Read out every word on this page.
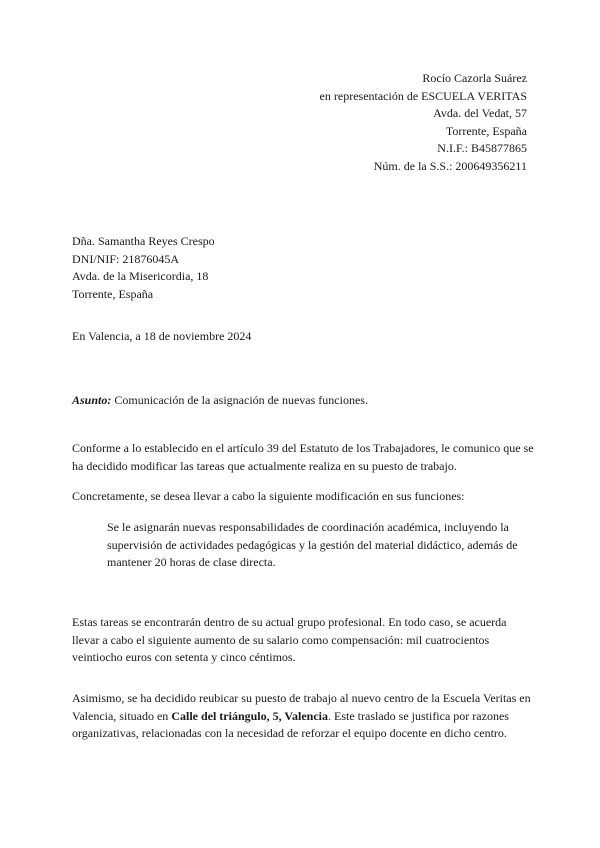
Rocío Cazorla Suárez
en representación de ESCUELA VERITAS
Avda. del Vedat, 57
Torrente, España
N.I.F.: B45877865
Núm. de la S.S.: 200649356211
Dña. Samantha Reyes Crespo
DNI/NIF: 21876045A
Avda. de la Misericordia, 18
Torrente, España
En Valencia, a 18 de noviembre 2024
Asunto: Comunicación de la asignación de nuevas funciones.
Conforme a lo establecido en el artículo 39 del Estatuto de los Trabajadores, le comunico que se ha decidido modificar las tareas que actualmente realiza en su puesto de trabajo.
Concretamente, se desea llevar a cabo la siguiente modificación en sus funciones:
Se le asignarán nuevas responsabilidades de coordinación académica, incluyendo la supervisión de actividades pedagógicas y la gestión del material didáctico, además de mantener 20 horas de clase directa.
Estas tareas se encontrarán dentro de su actual grupo profesional. En todo caso, se acuerda llevar a cabo el siguiente aumento de su salario como compensación: mil cuatrocientos veintiocho euros con setenta y cinco céntimos.
Asimismo, se ha decidido reubicar su puesto de trabajo al nuevo centro de la Escuela Veritas en Valencia, situado en Calle del triángulo, 5, Valencia. Este traslado se justifica por razones organizativas, relacionadas con la necesidad de reforzar el equipo docente en dicho centro.
